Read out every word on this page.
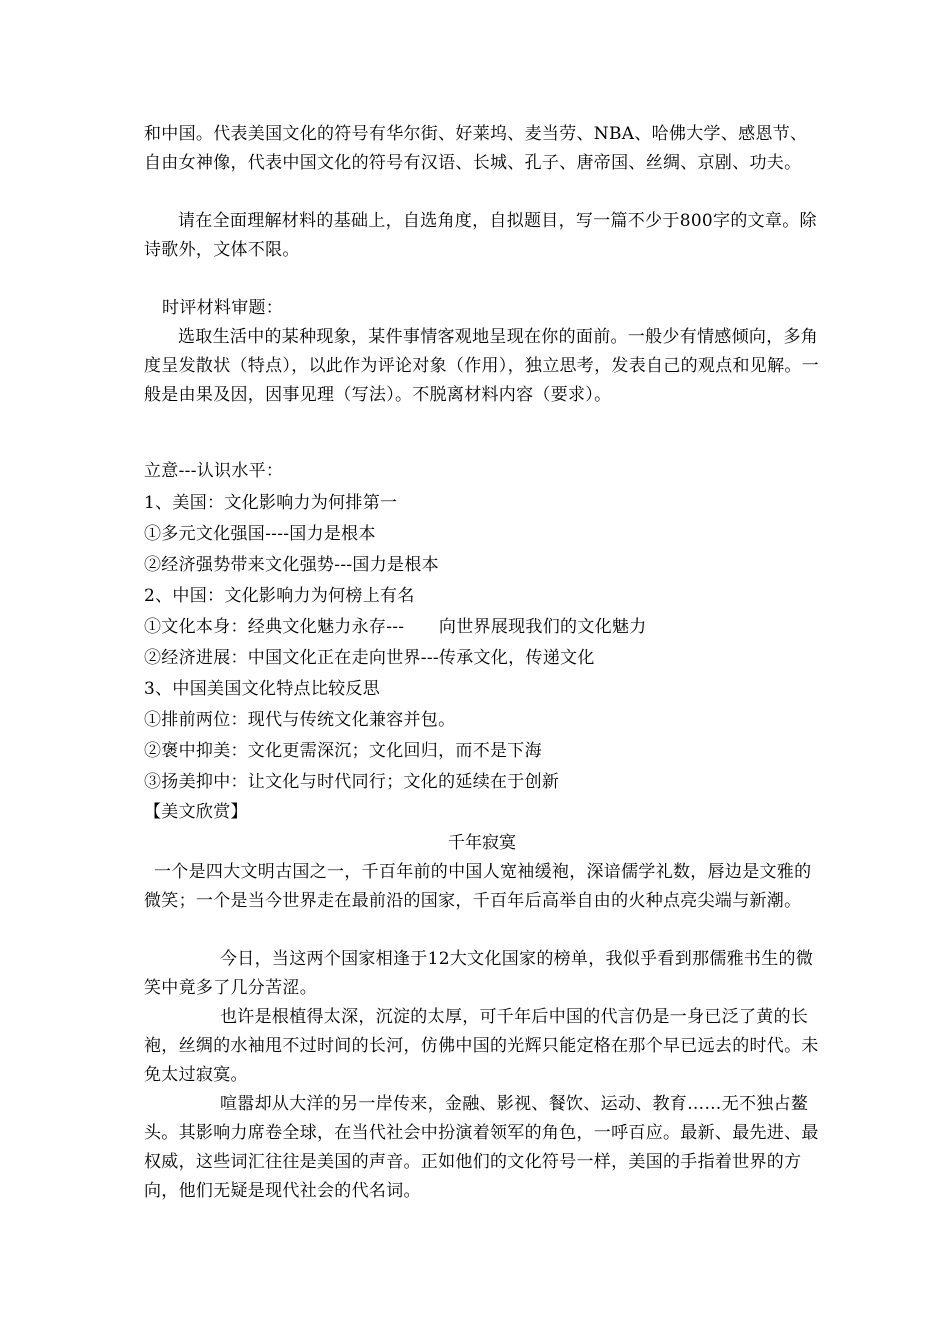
和中国。代表美国文化的符号有华尔街、好莱坞、麦当劳、NBA、哈佛大学、感恩节、自由女神像，代表中国文化的符号有汉语、长城、孔子、唐帝国、丝绸、京剧、功夫。
请在全面理解材料的基础上，自选角度，自拟题目，写一篇不少于800字的文章。除诗歌外，文体不限。
时评材料审题：
选取生活中的某种现象，某件事情客观地呈现在你的面前。一般少有情感倾向，多角度呈发散状（特点），以此作为评论对象（作用），独立思考，发表自己的观点和见解。一般是由果及因，因事见理（写法）。不脱离材料内容（要求）。
立意---认识水平：
1、美国：文化影响力为何排第一
①多元文化强国----国力是根本
②经济强势带来文化强势---国力是根本
2、中国：文化影响力为何榜上有名
①文化本身：经典文化魅力永存---　　向世界展现我们的文化魅力
②经济进展：中国文化正在走向世界---传承文化，传递文化
3、中国美国文化特点比较反思
①排前两位：现代与传统文化兼容并包。
②褒中抑美：文化更需深沉；文化回归，而不是下海
③扬美抑中：让文化与时代同行；文化的延续在于创新
【美文欣赏】
千年寂寞
一个是四大文明古国之一，千百年前的中国人宽袖缓袍，深谙儒学礼数，唇边是文雅的微笑；一个是当今世界走在最前沿的国家，千百年后高举自由的火种点亮尖端与新潮。
今日，当这两个国家相逢于12大文化国家的榜单，我似乎看到那儒雅书生的微笑中竟多了几分苦涩。
也许是根植得太深，沉淀的太厚，可千年后中国的代言仍是一身已泛了黄的长袍，丝绸的水袖甩不过时间的长河，仿佛中国的光辉只能定格在那个早已远去的时代。未免太过寂寞。
喧嚣却从大洋的另一岸传来，金融、影视、餐饮、运动、教育……无不独占鳌头。其影响力席卷全球，在当代社会中扮演着领军的角色，一呼百应。最新、最先进、最权威，这些词汇往往是美国的声音。正如他们的文化符号一样，美国的手指着世界的方向，他们无疑是现代社会的代名词。
